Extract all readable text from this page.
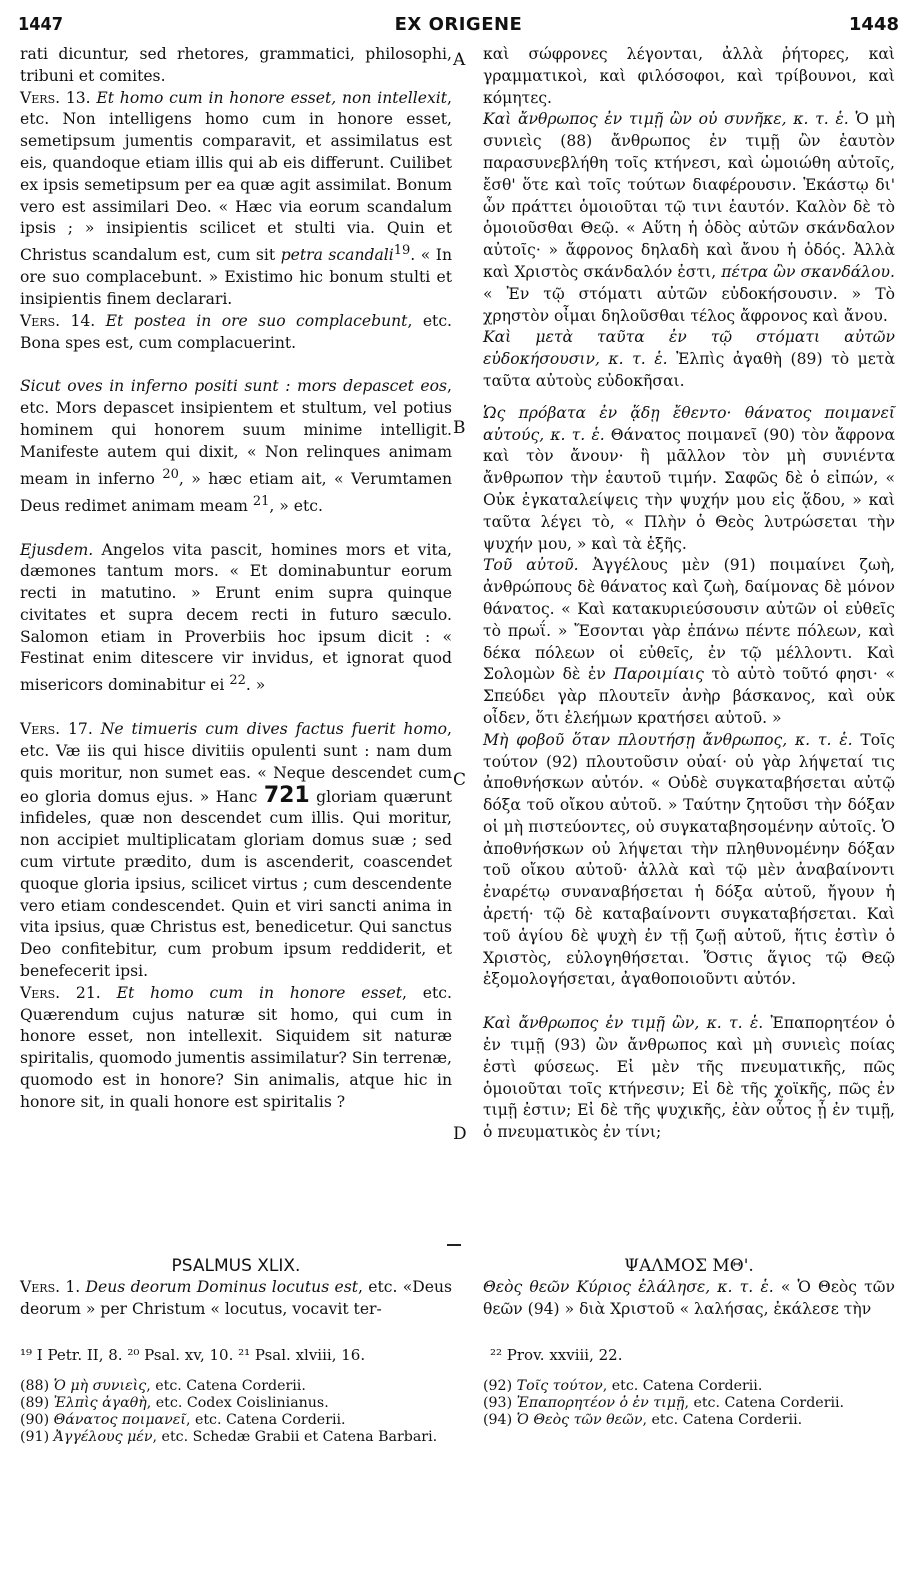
1447	EX ORIGENE	1448

rati dicuntur, sed rhetores, grammatici, philosophi, tribuni et comites.

Vers. 13. Et homo cum in honore esset, non intellexit, etc. Non intelligens homo cum in honore esset, semetipsum jumentis comparavit, et assimilatus est eis, quandoque etiam illis qui ab eis differunt. Cuilibet ex ipsis semetipsum per ea quæ agit assimilat. Bonum vero est assimilari Deo. « Hæc via eorum scandalum ipsis ; » insipientis scilicet et stulti via. Quin et Christus scandalum est, cum sit petra scandali$^{19}$. « In ore suo complacebunt. » Existimo hic bonum stulti et insipientis finem declarari.

Vers. 14. Et postea in ore suo complacebunt, etc. Bona spes est, cum complacuerint.

Sicut oves in inferno positi sunt : mors depascet eos, etc. Mors depascet insipientem et stultum, vel potius hominem qui honorem suum minime intelligit. Manifeste autem qui dixit, « Non relinques animam meam in inferno $^{20}$, » hæc etiam ait, « Verumtamen Deus redimet animam meam $^{21}$, » etc.

Ejusdem. Angelos vita pascit, homines mors et vita, dæmones tantum mors. « Et dominabuntur eorum recti in matutino. » Erunt enim supra quinque civitates et supra decem recti in futuro sæculo. Salomon etiam in Proverbiis hoc ipsum dicit : « Festinat enim ditescere vir invidus, et ignorat quod misericors dominabitur ei $^{22}$. »

Vers. 17. Ne timueris cum dives factus fuerit homo, etc. Væ iis qui hisce divitiis opulenti sunt : nam dum quis moritur, non sumet eas. « Neque descendet cum eo gloria domus ejus. » Hanc 721 gloriam quærunt infideles, quæ non descendet cum illis. Qui moritur, non accipiet multiplicatam gloriam domus suæ ; sed cum virtute prædito, dum is ascenderit, coascendet quoque gloria ipsius, scilicet virtus ; cum descendente vero etiam condescendet. Quin et viri sancti anima in vita ipsius, quæ Christus est, benedicetur. Qui sanctus Deo confitebitur, cum probum ipsum reddiderit, et benefecerit ipsi.

Vers. 21. Et homo cum in honore esset, etc. Quærendum cujus naturæ sit homo, qui cum in honore esset, non intellexit. Siquidem sit naturæ spiritalis, quomodo jumentis assimilatur? Sin terrenæ, quomodo est in honore? Sin animalis, atque hic in honore sit, in quali honore est spiritalis ?

A
B
C
D

καὶ σώφρονες λέγονται, ἀλλὰ ῥήτορες, καὶ γραμματικοὶ, καὶ φιλόσοφοι, καὶ τρίβουνοι, καὶ κόμητες.

Καὶ ἄνθρωπος ἐν τιμῇ ὢν οὐ συνῆκε, κ. τ. ἑ. Ὁ μὴ συνιεὶς (88) ἄνθρωπος ἐν τιμῇ ὢν ἑαυτὸν παρασυνεβλήθη τοῖς κτήνεσι, καὶ ὡμοιώθη αὐτοῖς, ἔσθ' ὅτε καὶ τοῖς τούτων διαφέρουσιν. Ἑκάστῳ δι' ὧν πράττει ὁμοιοῦται τῷ τινι ἑαυτόν. Καλὸν δὲ τὸ ὁμοιοῦσθαι Θεῷ. « Αὕτη ἡ ὁδὸς αὐτῶν σκάνδαλον αὐτοῖς· » ἄφρονος δηλαδὴ καὶ ἄνου ἡ ὁδός. Ἀλλὰ καὶ Χριστὸς σκάνδαλόν ἐστι, πέτρα ὢν σκανδάλου. « Ἐν τῷ στόματι αὐτῶν εὐδοκήσουσιν. » Τὸ χρηστὸν οἶμαι δηλοῦσθαι τέλος ἄφρονος καὶ ἄνου.

Καὶ μετὰ ταῦτα ἐν τῷ στόματι αὐτῶν εὐδοκήσουσιν, κ. τ. ἑ. Ἐλπὶς ἀγαθὴ (89) τὸ μετὰ ταῦτα αὐτοὺς εὐδοκῆσαι.

Ὡς πρόβατα ἐν ᾅδῃ ἔθεντο· θάνατος ποιμανεῖ αὐτούς, κ. τ. ἑ. Θάνατος ποιμανεῖ (90) τὸν ἄφρονα καὶ τὸν ἄνουν· ἢ μᾶλλον τὸν μὴ συνιέντα ἄνθρωπον τὴν ἑαυτοῦ τιμήν. Σαφῶς δὲ ὁ εἰπών, « Οὐκ ἐγκαταλείψεις τὴν ψυχήν μου εἰς ᾅδου, » καὶ ταῦτα λέγει τὸ, « Πλὴν ὁ Θεὸς λυτρώσεται τὴν ψυχήν μου, » καὶ τὰ ἑξῆς.

Τοῦ αὐτοῦ. Ἀγγέλους μὲν (91) ποιμαίνει ζωὴ, ἀνθρώπους δὲ θάνατος καὶ ζωὴ, δαίμονας δὲ μόνον θάνατος. « Καὶ κατακυριεύσουσιν αὐτῶν οἱ εὐθεῖς τὸ πρωΐ. » Ἔσονται γὰρ ἐπάνω πέντε πόλεων, καὶ δέκα πόλεων οἱ εὐθεῖς, ἐν τῷ μέλλοντι. Καὶ Σολομὼν δὲ ἐν Παροιμίαις τὸ αὐτὸ τοῦτό φησι· « Σπεύδει γὰρ πλουτεῖν ἀνὴρ βάσκανος, καὶ οὐκ οἶδεν, ὅτι ἐλεήμων κρατήσει αὐτοῦ. »

Μὴ φοβοῦ ὅταν πλουτήσῃ ἄνθρωπος, κ. τ. ἑ. Τοῖς τούτον (92) πλουτοῦσιν οὐαί· οὐ γὰρ λήψεταί τις ἀποθνήσκων αὐτόν. « Οὐδὲ συγκαταβήσεται αὐτῷ δόξα τοῦ οἴκου αὐτοῦ. » Ταύτην ζητοῦσι τὴν δόξαν οἱ μὴ πιστεύοντες, οὐ συγκαταβησομένην αὐτοῖς. Ὁ ἀποθνήσκων οὐ λήψεται τὴν πληθυνομένην δόξαν τοῦ οἴκου αὐτοῦ· ἀλλὰ καὶ τῷ μὲν ἀναβαίνοντι ἐναρέτῳ συναναβήσεται ἡ δόξα αὐτοῦ, ἤγουν ἡ ἀρετή· τῷ δὲ καταβαίνοντι συγκαταβήσεται. Καὶ τοῦ ἁγίου δὲ ψυχὴ ἐν τῇ ζωῇ αὐτοῦ, ἥτις ἐστὶν ὁ Χριστὸς, εὐλογηθήσεται. Ὅστις ἅγιος τῷ Θεῷ ἐξομολογήσεται, ἀγαθοποιοῦντι αὐτόν.

Καὶ ἄνθρωπος ἐν τιμῇ ὢν, κ. τ. ἑ. Ἐπαπορητέον ὁ ἐν τιμῇ (93) ὢν ἄνθρωπος καὶ μὴ συνιεὶς ποίας ἐστὶ φύσεως. Εἰ μὲν τῆς πνευματικῆς, πῶς ὁμοιοῦται τοῖς κτήνεσιν; Εἰ δὲ τῆς χοϊκῆς, πῶς ἐν τιμῇ ἐστιν; Εἰ δὲ τῆς ψυχικῆς, ἐὰν οὗτος ᾖ ἐν τιμῇ, ὁ πνευματικὸς ἐν τίνι;

PSALMUS XLIX.	ΨΑΛΜΟΣ ΜΘ'.
Vers. 1. Deus deorum Dominus locutus est, etc. «Deus deorum » per Christum « locutus, vocavit ter-
Θεὸς θεῶν Κύριος ἐλάλησε, κ. τ. ἑ. « Ὁ Θεὸς τῶν θεῶν (94) » διὰ Χριστοῦ « λαλήσας, ἐκάλεσε τὴν
¹⁹ I Petr. II, 8. ²⁰ Psal. xv, 10. ²¹ Psal. xlviii, 16.	²² Prov. xxviii, 22.
(88) Ὁ μὴ συνιεὶς, etc. Catena Corderii.
(89) Ἐλπὶς ἀγαθὴ, etc. Codex Coislinianus.
(90) Θάνατος ποιμανεῖ, etc. Catena Corderii.
(91) Ἀγγέλους μέν, etc. Schedæ Grabii et Catena Barbari.
(92) Τοῖς τούτον, etc. Catena Corderii.
(93) Ἐπαπορητέον ὁ ἐν τιμῇ, etc. Catena Corderii.
(94) Ὁ Θεὸς τῶν θεῶν, etc. Catena Corderii.
